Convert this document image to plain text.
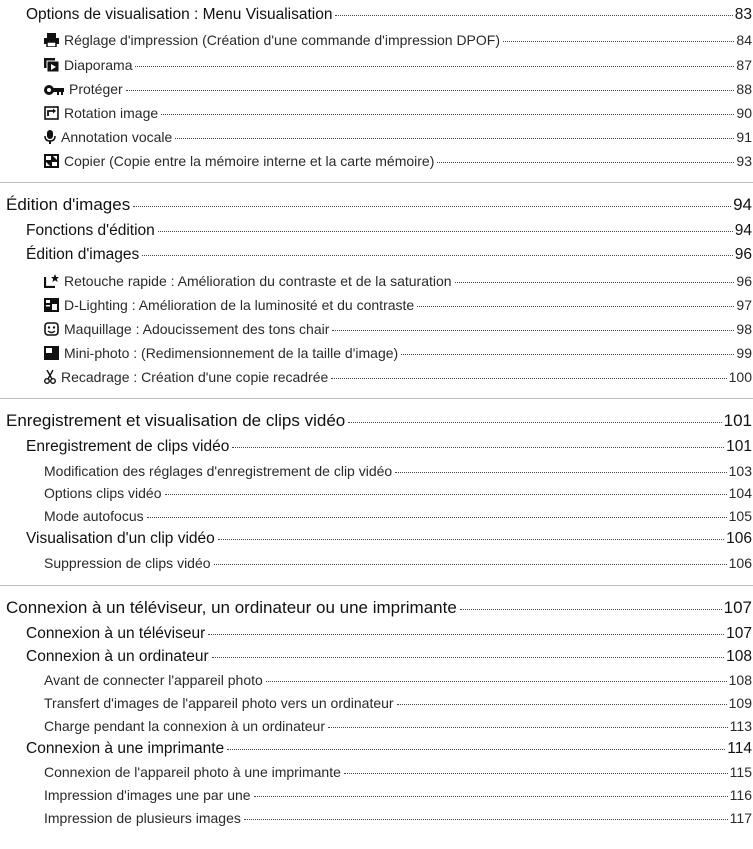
Options de visualisation : Menu Visualisation	83
Réglage d'impression (Création d'une commande d'impression DPOF)	84
Diaporama	87
Protéger	88
Rotation image	90
Annotation vocale	91
Copier (Copie entre la mémoire interne et la carte mémoire)	93
Édition d'images	94
Fonctions d'édition	94
Édition d'images	96
Retouche rapide : Amélioration du contraste et de la saturation	96
D-Lighting : Amélioration de la luminosité et du contraste	97
Maquillage : Adoucissement des tons chair	98
Mini-photo : (Redimensionnement de la taille d'image)	99
Recadrage : Création d'une copie recadrée	100
Enregistrement et visualisation de clips vidéo	101
Enregistrement de clips vidéo	101
Modification des réglages d'enregistrement de clip vidéo	103
Options clips vidéo	104
Mode autofocus	105
Visualisation d'un clip vidéo	106
Suppression de clips vidéo	106
Connexion à un téléviseur, un ordinateur ou une imprimante	107
Connexion à un téléviseur	107
Connexion à un ordinateur	108
Avant de connecter l'appareil photo	108
Transfert d'images de l'appareil photo vers un ordinateur	109
Charge pendant la connexion à un ordinateur	113
Connexion à une imprimante	114
Connexion de l'appareil photo à une imprimante	115
Impression d'images une par une	116
Impression de plusieurs images	117
